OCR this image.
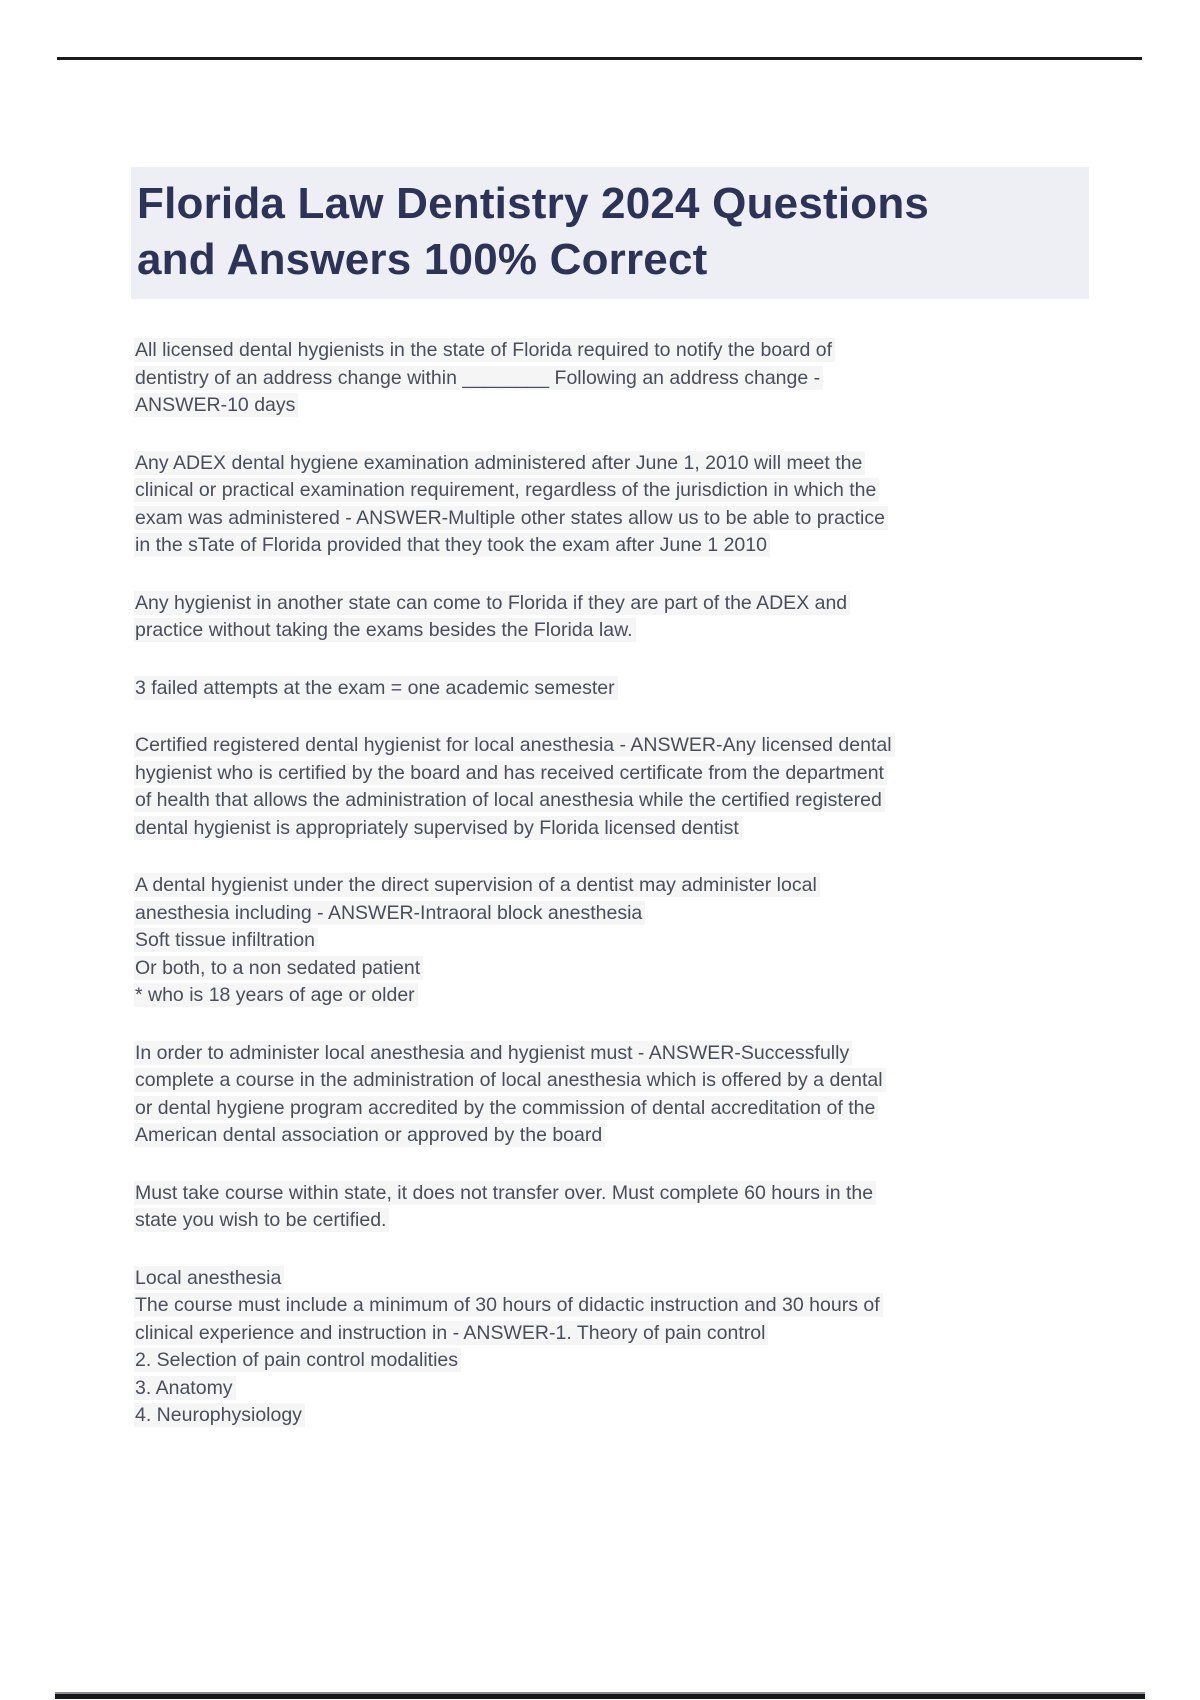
Florida Law Dentistry 2024 Questions
and Answers 100% Correct
All licensed dental hygienists in the state of Florida required to notify the board of
dentistry of an address change within ________ Following an address change -
ANSWER-10 days
Any ADEX dental hygiene examination administered after June 1, 2010 will meet the
clinical or practical examination requirement, regardless of the jurisdiction in which the
exam was administered - ANSWER-Multiple other states allow us to be able to practice
in the sTate of Florida provided that they took the exam after June 1 2010
Any hygienist in another state can come to Florida if they are part of the ADEX and
practice without taking the exams besides the Florida law.
3 failed attempts at the exam = one academic semester
Certified registered dental hygienist for local anesthesia - ANSWER-Any licensed dental
hygienist who is certified by the board and has received certificate from the department
of health that allows the administration of local anesthesia while the certified registered
dental hygienist is appropriately supervised by Florida licensed dentist
A dental hygienist under the direct supervision of a dentist may administer local
anesthesia including - ANSWER-Intraoral block anesthesia
Soft tissue infiltration
Or both, to a non sedated patient
* who is 18 years of age or older
In order to administer local anesthesia and hygienist must - ANSWER-Successfully
complete a course in the administration of local anesthesia which is offered by a dental
or dental hygiene program accredited by the commission of dental accreditation of the
American dental association or approved by the board
Must take course within state, it does not transfer over. Must complete 60 hours in the
state you wish to be certified.
Local anesthesia
The course must include a minimum of 30 hours of didactic instruction and 30 hours of
clinical experience and instruction in - ANSWER-1. Theory of pain control
2. Selection of pain control modalities
3. Anatomy
4. Neurophysiology
